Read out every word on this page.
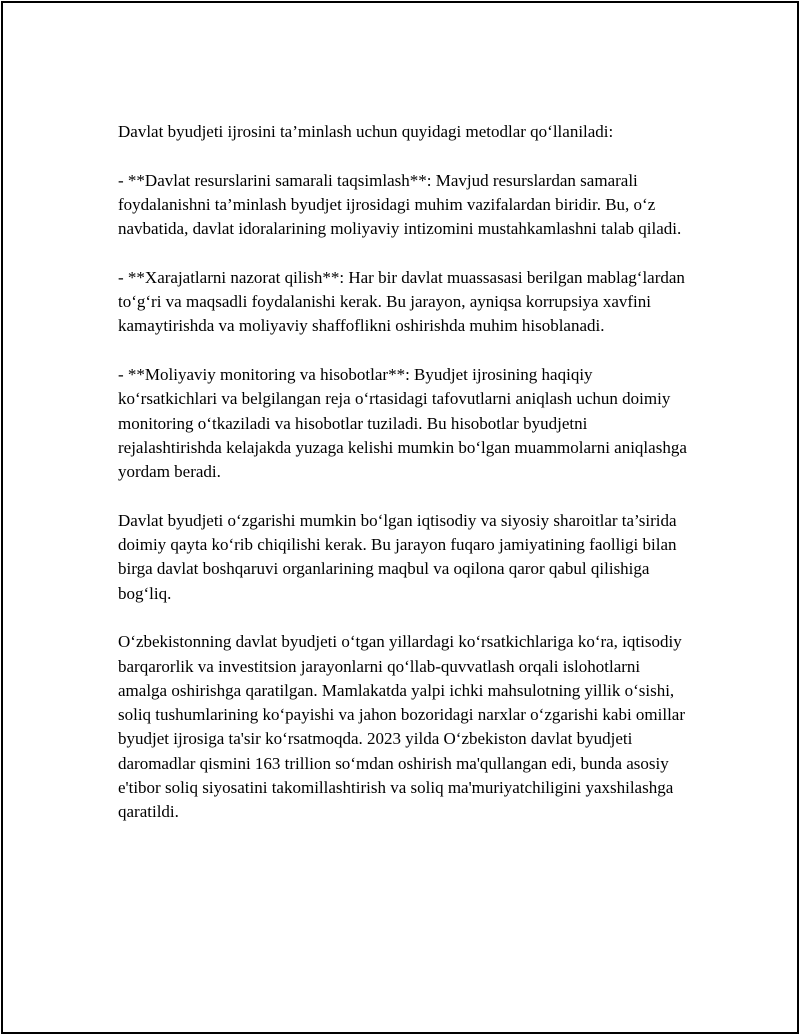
Davlat byudjeti ijrosini ta’minlash uchun quyidagi metodlar qo‘llaniladi:

- **Davlat resurslarini samarali taqsimlash**: Mavjud resurslardan samarali foydalanishni ta’minlash byudjet ijrosidagi muhim vazifalardan biridir. Bu, o‘z navbatida, davlat idoralarining moliyaviy intizomini mustahkamlashni talab qiladi.

- **Xarajatlarni nazorat qilish**: Har bir davlat muassasasi berilgan mablag‘lardan to‘g‘ri va maqsadli foydalanishi kerak. Bu jarayon, ayniqsa korrupsiya xavfini kamaytirishda va moliyaviy shaffoflikni oshirishda muhim hisoblanadi.

- **Moliyaviy monitoring va hisobotlar**: Byudjet ijrosining haqiqiy ko‘rsatkichlari va belgilangan reja o‘rtasidagi tafovutlarni aniqlash uchun doimiy monitoring o‘tkaziladi va hisobotlar tuziladi. Bu hisobotlar byudjetni rejalashtirishda kelajakda yuzaga kelishi mumkin bo‘lgan muammolarni aniqlashga yordam beradi.

Davlat byudjeti o‘zgarishi mumkin bo‘lgan iqtisodiy va siyosiy sharoitlar ta’sirida doimiy qayta ko‘rib chiqilishi kerak. Bu jarayon fuqaro jamiyatining faolligi bilan birga davlat boshqaruvi organlarining maqbul va oqilona qaror qabul qilishiga bog‘liq.

O‘zbekistonning davlat byudjeti o‘tgan yillardagi ko‘rsatkichlariga ko‘ra, iqtisodiy barqarorlik va investitsion jarayonlarni qo‘llab-quvvatlash orqali islohotlarni amalga oshirishga qaratilgan. Mamlakatda yalpi ichki mahsulotning yillik o‘sishi, soliq tushumlarining ko‘payishi va jahon bozoridagi narxlar o‘zgarishi kabi omillar byudjet ijrosiga ta'sir ko‘rsatmoqda. 2023 yilda O‘zbekiston davlat byudjeti daromadlar qismini 163 trillion so‘mdan oshirish ma'qullangan edi, bunda asosiy e'tibor soliq siyosatini takomillashtirish va soliq ma'muriyatchiligini yaxshilashga qaratildi.
